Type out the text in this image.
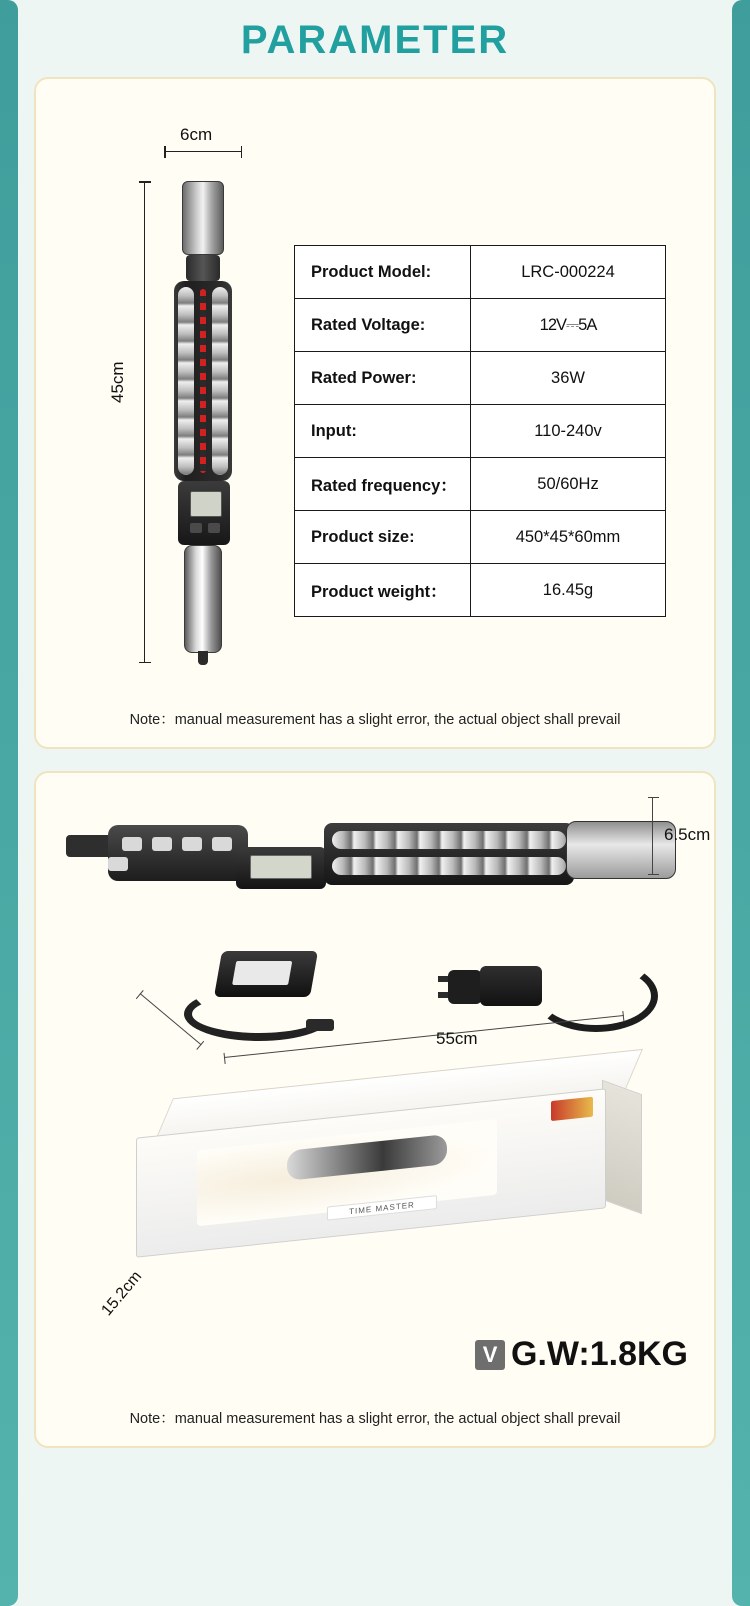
PARAMETER
6cm
45cm
Product Model:	LRC-000224
Rated Voltage:	12V⎓5A
Rated Power:	36W
Input:	110-240v
Rated frequency：	50/60Hz
Product size:	450*45*60mm
Product weight：	16.45g
Note：manual measurement has a slight error, the actual object shall prevail
TIME MASTER
6.5cm
55cm
15.2cm
V G.W:1.8KG
Note：manual measurement has a slight error, the actual object shall prevail
